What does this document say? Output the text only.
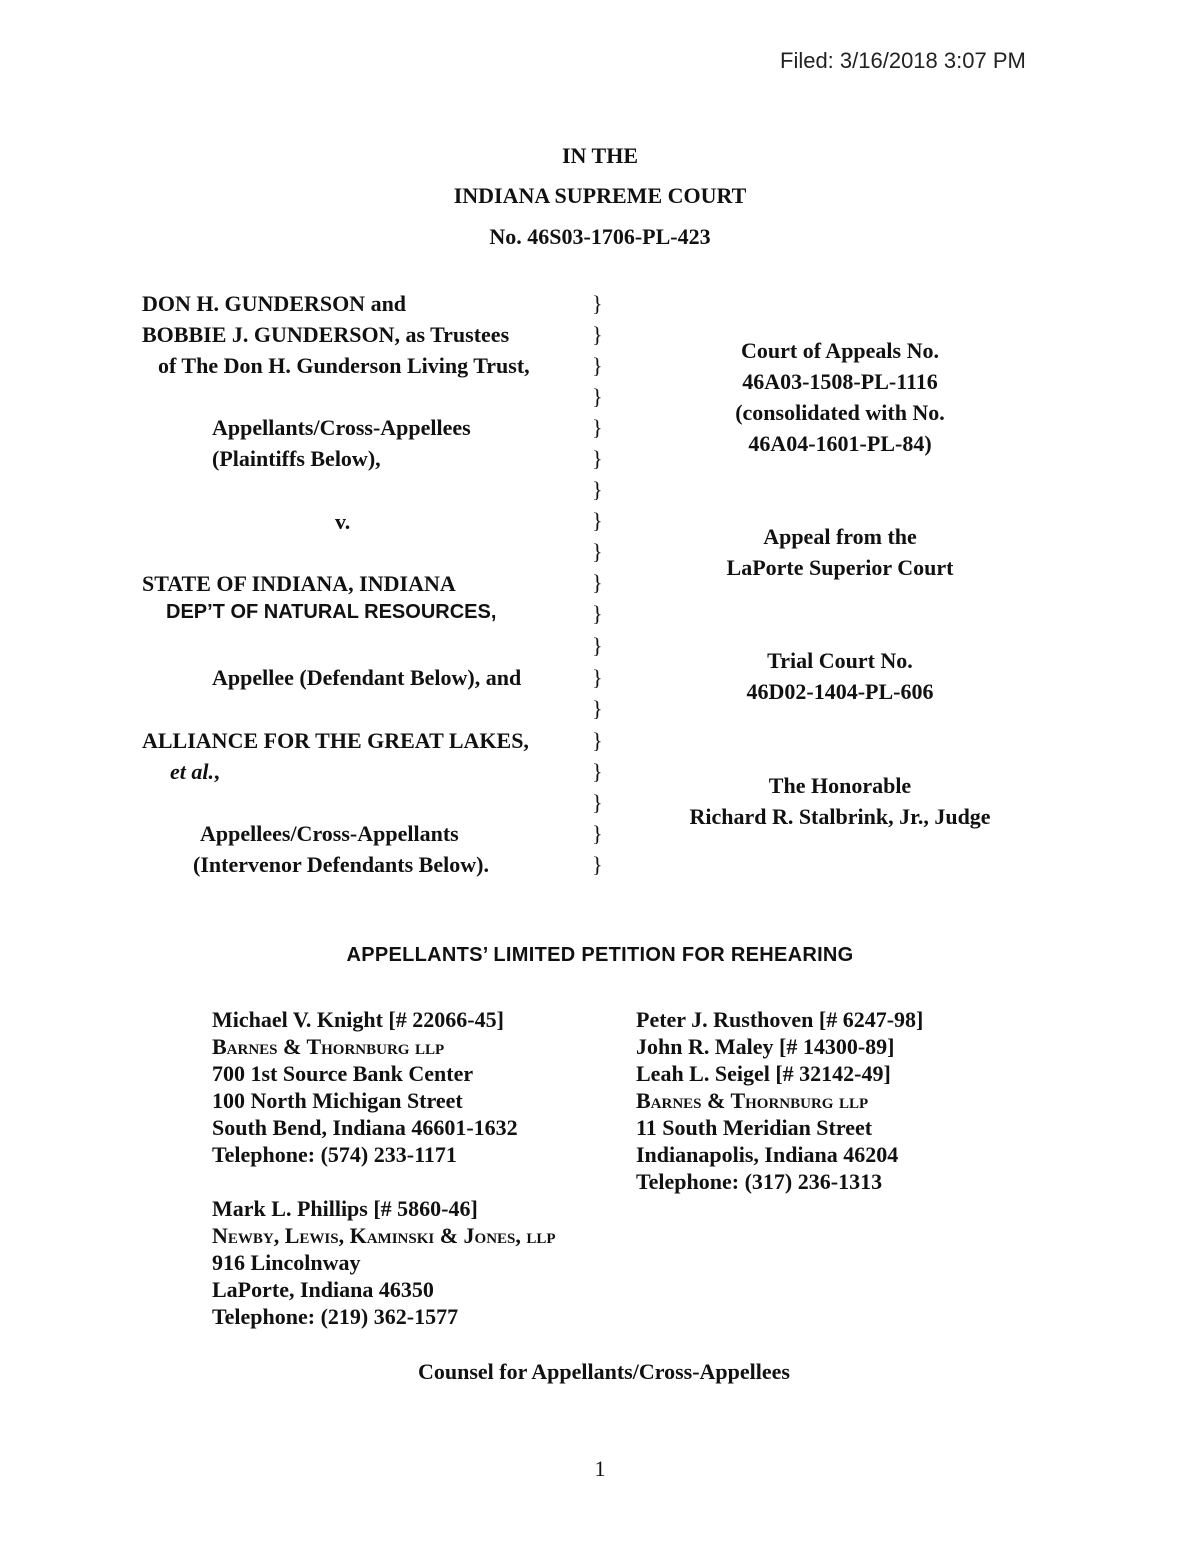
Filed: 3/16/2018 3:07 PM
IN THE
INDIANA SUPREME COURT
No. 46S03-1706-PL-423
DON H. GUNDERSON and
BOBBIE J. GUNDERSON, as Trustees
of The Don H. Gunderson Living Trust,
Appellants/Cross-Appellees
(Plaintiffs Below),
v.
STATE OF INDIANA, INDIANA
DEP’T OF NATURAL RESOURCES,
Appellee (Defendant Below), and
ALLIANCE FOR THE GREAT LAKES,
et al.,
Appellees/Cross-Appellants
(Intervenor Defendants Below).
}
}
}
}
}
}
}
}
}
}
}
}
}
}
}
}
}
}
}
Court of Appeals No.
46A03-1508-PL-1116
(consolidated with No.
46A04-1601-PL-84)
Appeal from the
LaPorte Superior Court
Trial Court No.
46D02-1404-PL-606
The Honorable
Richard R. Stalbrink, Jr., Judge
APPELLANTS’ LIMITED PETITION FOR REHEARING
Michael V. Knight [# 22066-45]
Barnes & Thornburg llp
700 1st Source Bank Center
100 North Michigan Street
South Bend, Indiana 46601-1632
Telephone: (574) 233-1171
Mark L. Phillips [# 5860-46]
Newby, Lewis, Kaminski & Jones, llp
916 Lincolnway
LaPorte, Indiana 46350
Telephone: (219) 362-1577
Peter J. Rusthoven [# 6247-98]
John R. Maley [# 14300-89]
Leah L. Seigel [# 32142-49]
Barnes & Thornburg llp
11 South Meridian Street
Indianapolis, Indiana 46204
Telephone: (317) 236-1313
Counsel for Appellants/Cross-Appellees
1
